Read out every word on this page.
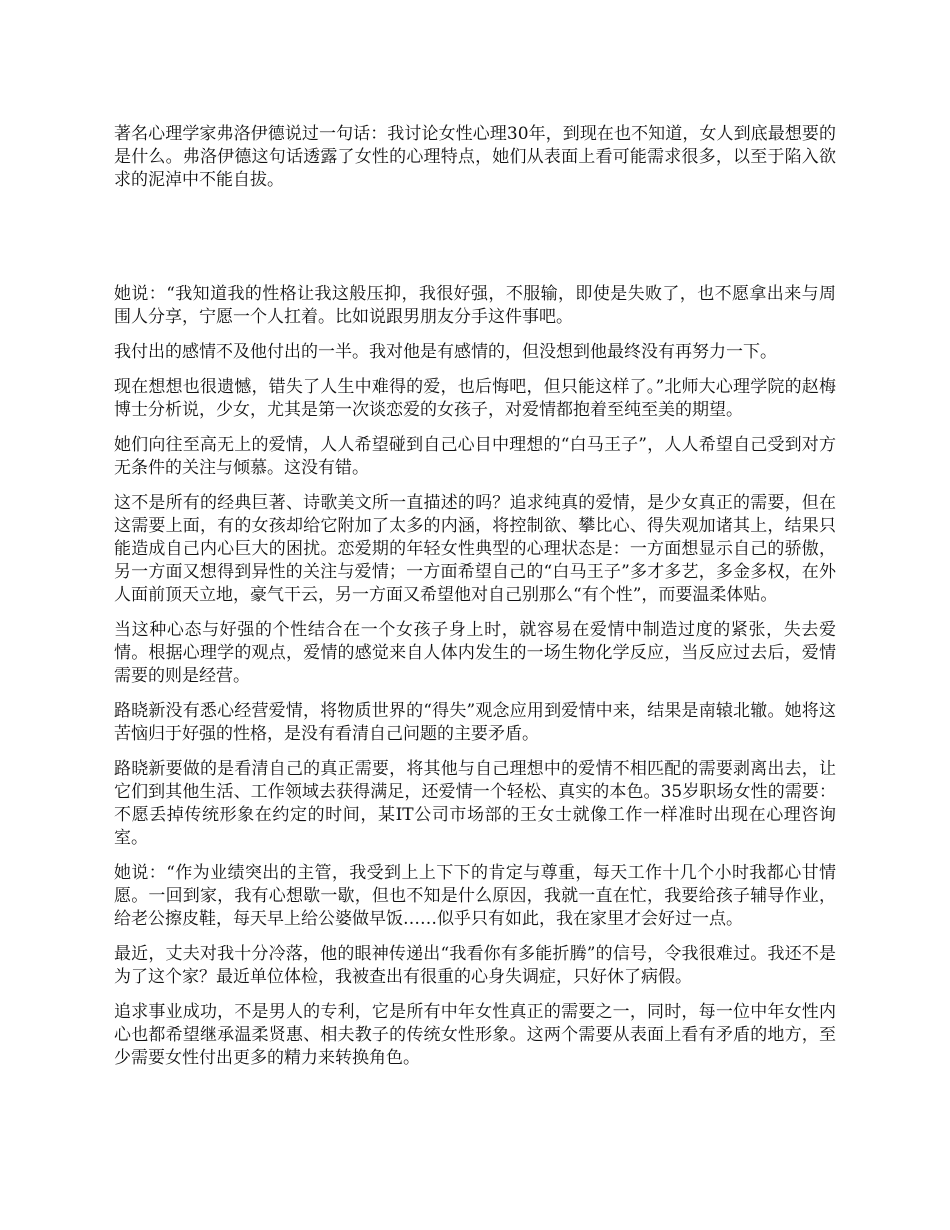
著名心理学家弗洛伊德说过一句话：我讨论女性心理30年，到现在也不知道，女人到底最想要的是什么。弗洛伊德这句话透露了女性的心理特点，她们从表面上看可能需求很多，以至于陷入欲求的泥淖中不能自拔。

她说：“我知道我的性格让我这般压抑，我很好强，不服输，即使是失败了，也不愿拿出来与周围人分享，宁愿一个人扛着。比如说跟男朋友分手这件事吧。

我付出的感情不及他付出的一半。我对他是有感情的，但没想到他最终没有再努力一下。

现在想想也很遗憾，错失了人生中难得的爱，也后悔吧，但只能这样了。”北师大心理学院的赵梅博士分析说，少女，尤其是第一次谈恋爱的女孩子，对爱情都抱着至纯至美的期望。

她们向往至高无上的爱情，人人希望碰到自己心目中理想的“白马王子”，人人希望自己受到对方无条件的关注与倾慕。这没有错。

这不是所有的经典巨著、诗歌美文所一直描述的吗？追求纯真的爱情，是少女真正的需要，但在这需要上面，有的女孩却给它附加了太多的内涵，将控制欲、攀比心、得失观加诸其上，结果只能造成自己内心巨大的困扰。恋爱期的年轻女性典型的心理状态是：一方面想显示自己的骄傲，另一方面又想得到异性的关注与爱情；一方面希望自己的“白马王子”多才多艺，多金多权，在外人面前顶天立地，豪气干云，另一方面又希望他对自己别那么“有个性”，而要温柔体贴。

当这种心态与好强的个性结合在一个女孩子身上时，就容易在爱情中制造过度的紧张，失去爱情。根据心理学的观点，爱情的感觉来自人体内发生的一场生物化学反应，当反应过去后，爱情需要的则是经营。

路晓新没有悉心经营爱情，将物质世界的“得失”观念应用到爱情中来，结果是南辕北辙。她将这苦恼归于好强的性格，是没有看清自己问题的主要矛盾。

路晓新要做的是看清自己的真正需要，将其他与自己理想中的爱情不相匹配的需要剥离出去，让它们到其他生活、工作领域去获得满足，还爱情一个轻松、真实的本色。35岁职场女性的需要：不愿丢掉传统形象在约定的时间，某IT公司市场部的王女士就像工作一样准时出现在心理咨询室。

她说：“作为业绩突出的主管，我受到上上下下的肯定与尊重，每天工作十几个小时我都心甘情愿。一回到家，我有心想歇一歇，但也不知是什么原因，我就一直在忙，我要给孩子辅导作业，给老公擦皮鞋，每天早上给公婆做早饭……似乎只有如此，我在家里才会好过一点。

最近，丈夫对我十分冷落，他的眼神传递出“我看你有多能折腾”的信号，令我很难过。我还不是为了这个家？最近单位体检，我被查出有很重的心身失调症，只好休了病假。

追求事业成功，不是男人的专利，它是所有中年女性真正的需要之一，同时，每一位中年女性内心也都希望继承温柔贤惠、相夫教子的传统女性形象。这两个需要从表面上看有矛盾的地方，至少需要女性付出更多的精力来转换角色。
